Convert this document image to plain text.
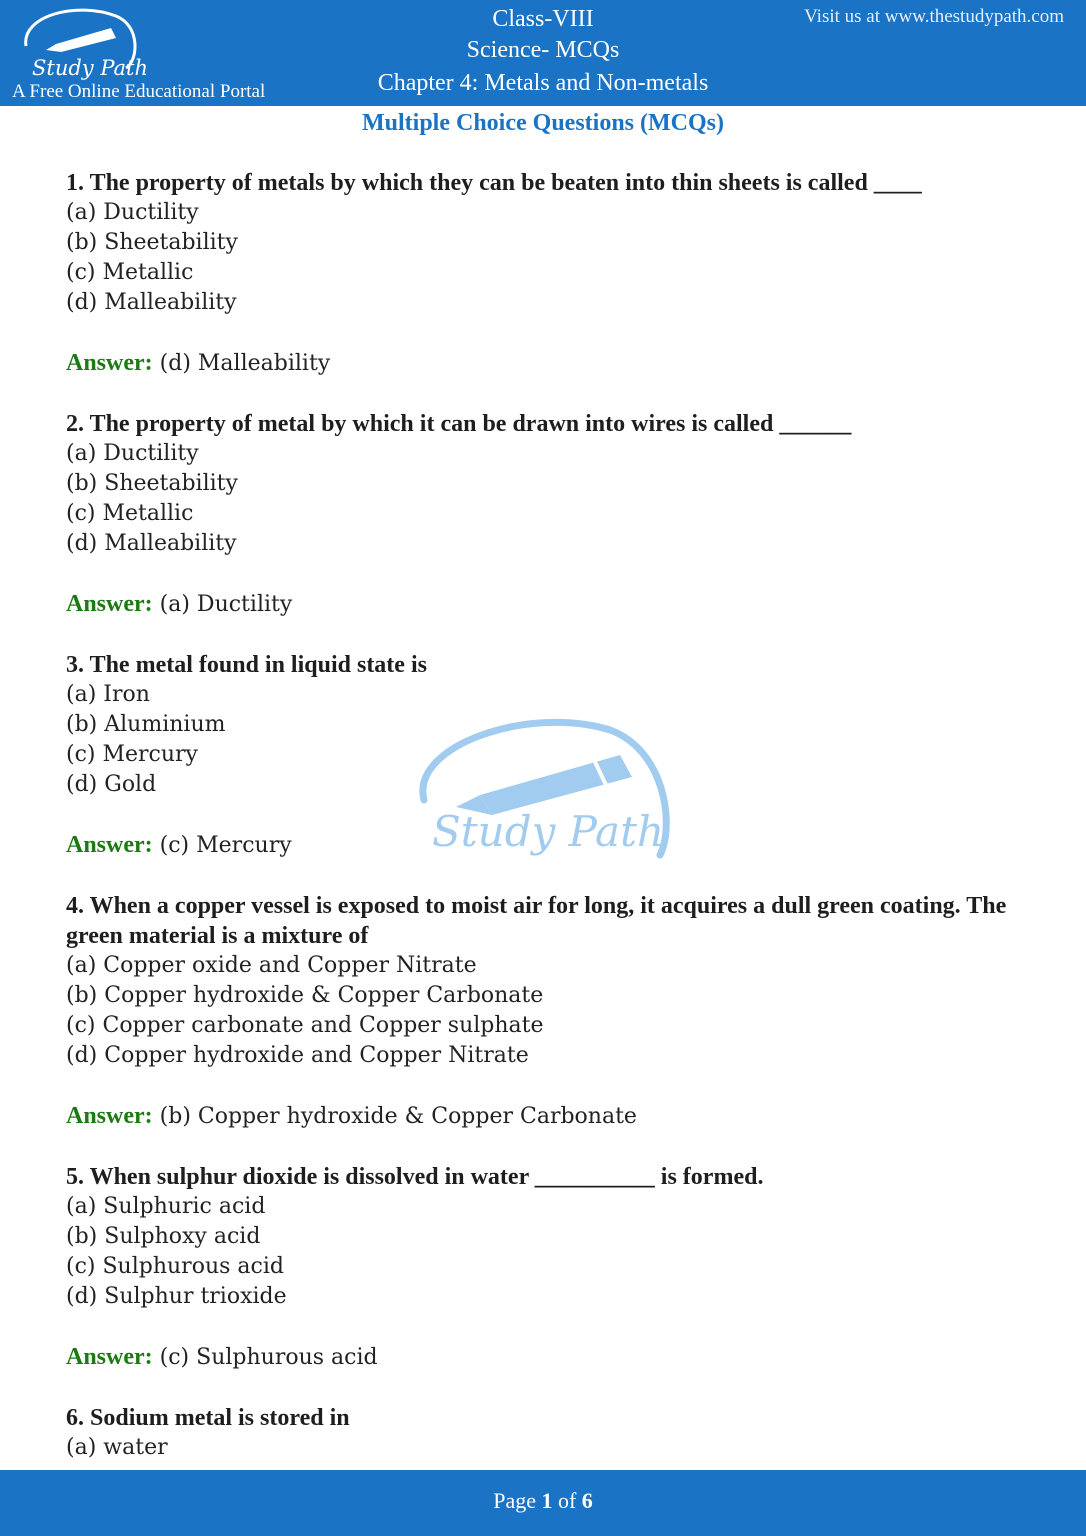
Study Path
A Free Online Educational Portal
Class-VIII
Science- MCQs
Chapter 4: Metals and Non-metals
Visit us at www.thestudypath.com
Multiple Choice Questions (MCQs)
Study Path
1. The property of metals by which they can be beaten into thin sheets is called ____
(a) Ductility
(b) Sheetability
(c) Metallic
(d) Malleability
Answer: (d) Malleability
2. The property of metal by which it can be drawn into wires is called ______
(a) Ductility
(b) Sheetability
(c) Metallic
(d) Malleability
Answer: (a) Ductility
3. The metal found in liquid state is
(a) Iron
(b) Aluminium
(c) Mercury
(d) Gold
Answer: (c) Mercury
4. When a copper vessel is exposed to moist air for long, it acquires a dull green coating. The green material is a mixture of
(a) Copper oxide and Copper Nitrate
(b) Copper hydroxide & Copper Carbonate
(c) Copper carbonate and Copper sulphate
(d) Copper hydroxide and Copper Nitrate
Answer: (b) Copper hydroxide & Copper Carbonate
5. When sulphur dioxide is dissolved in water __________ is formed.
(a) Sulphuric acid
(b) Sulphoxy acid
(c) Sulphurous acid
(d) Sulphur trioxide
Answer: (c) Sulphurous acid
6. Sodium metal is stored in
(a) water
Page 1 of 6
